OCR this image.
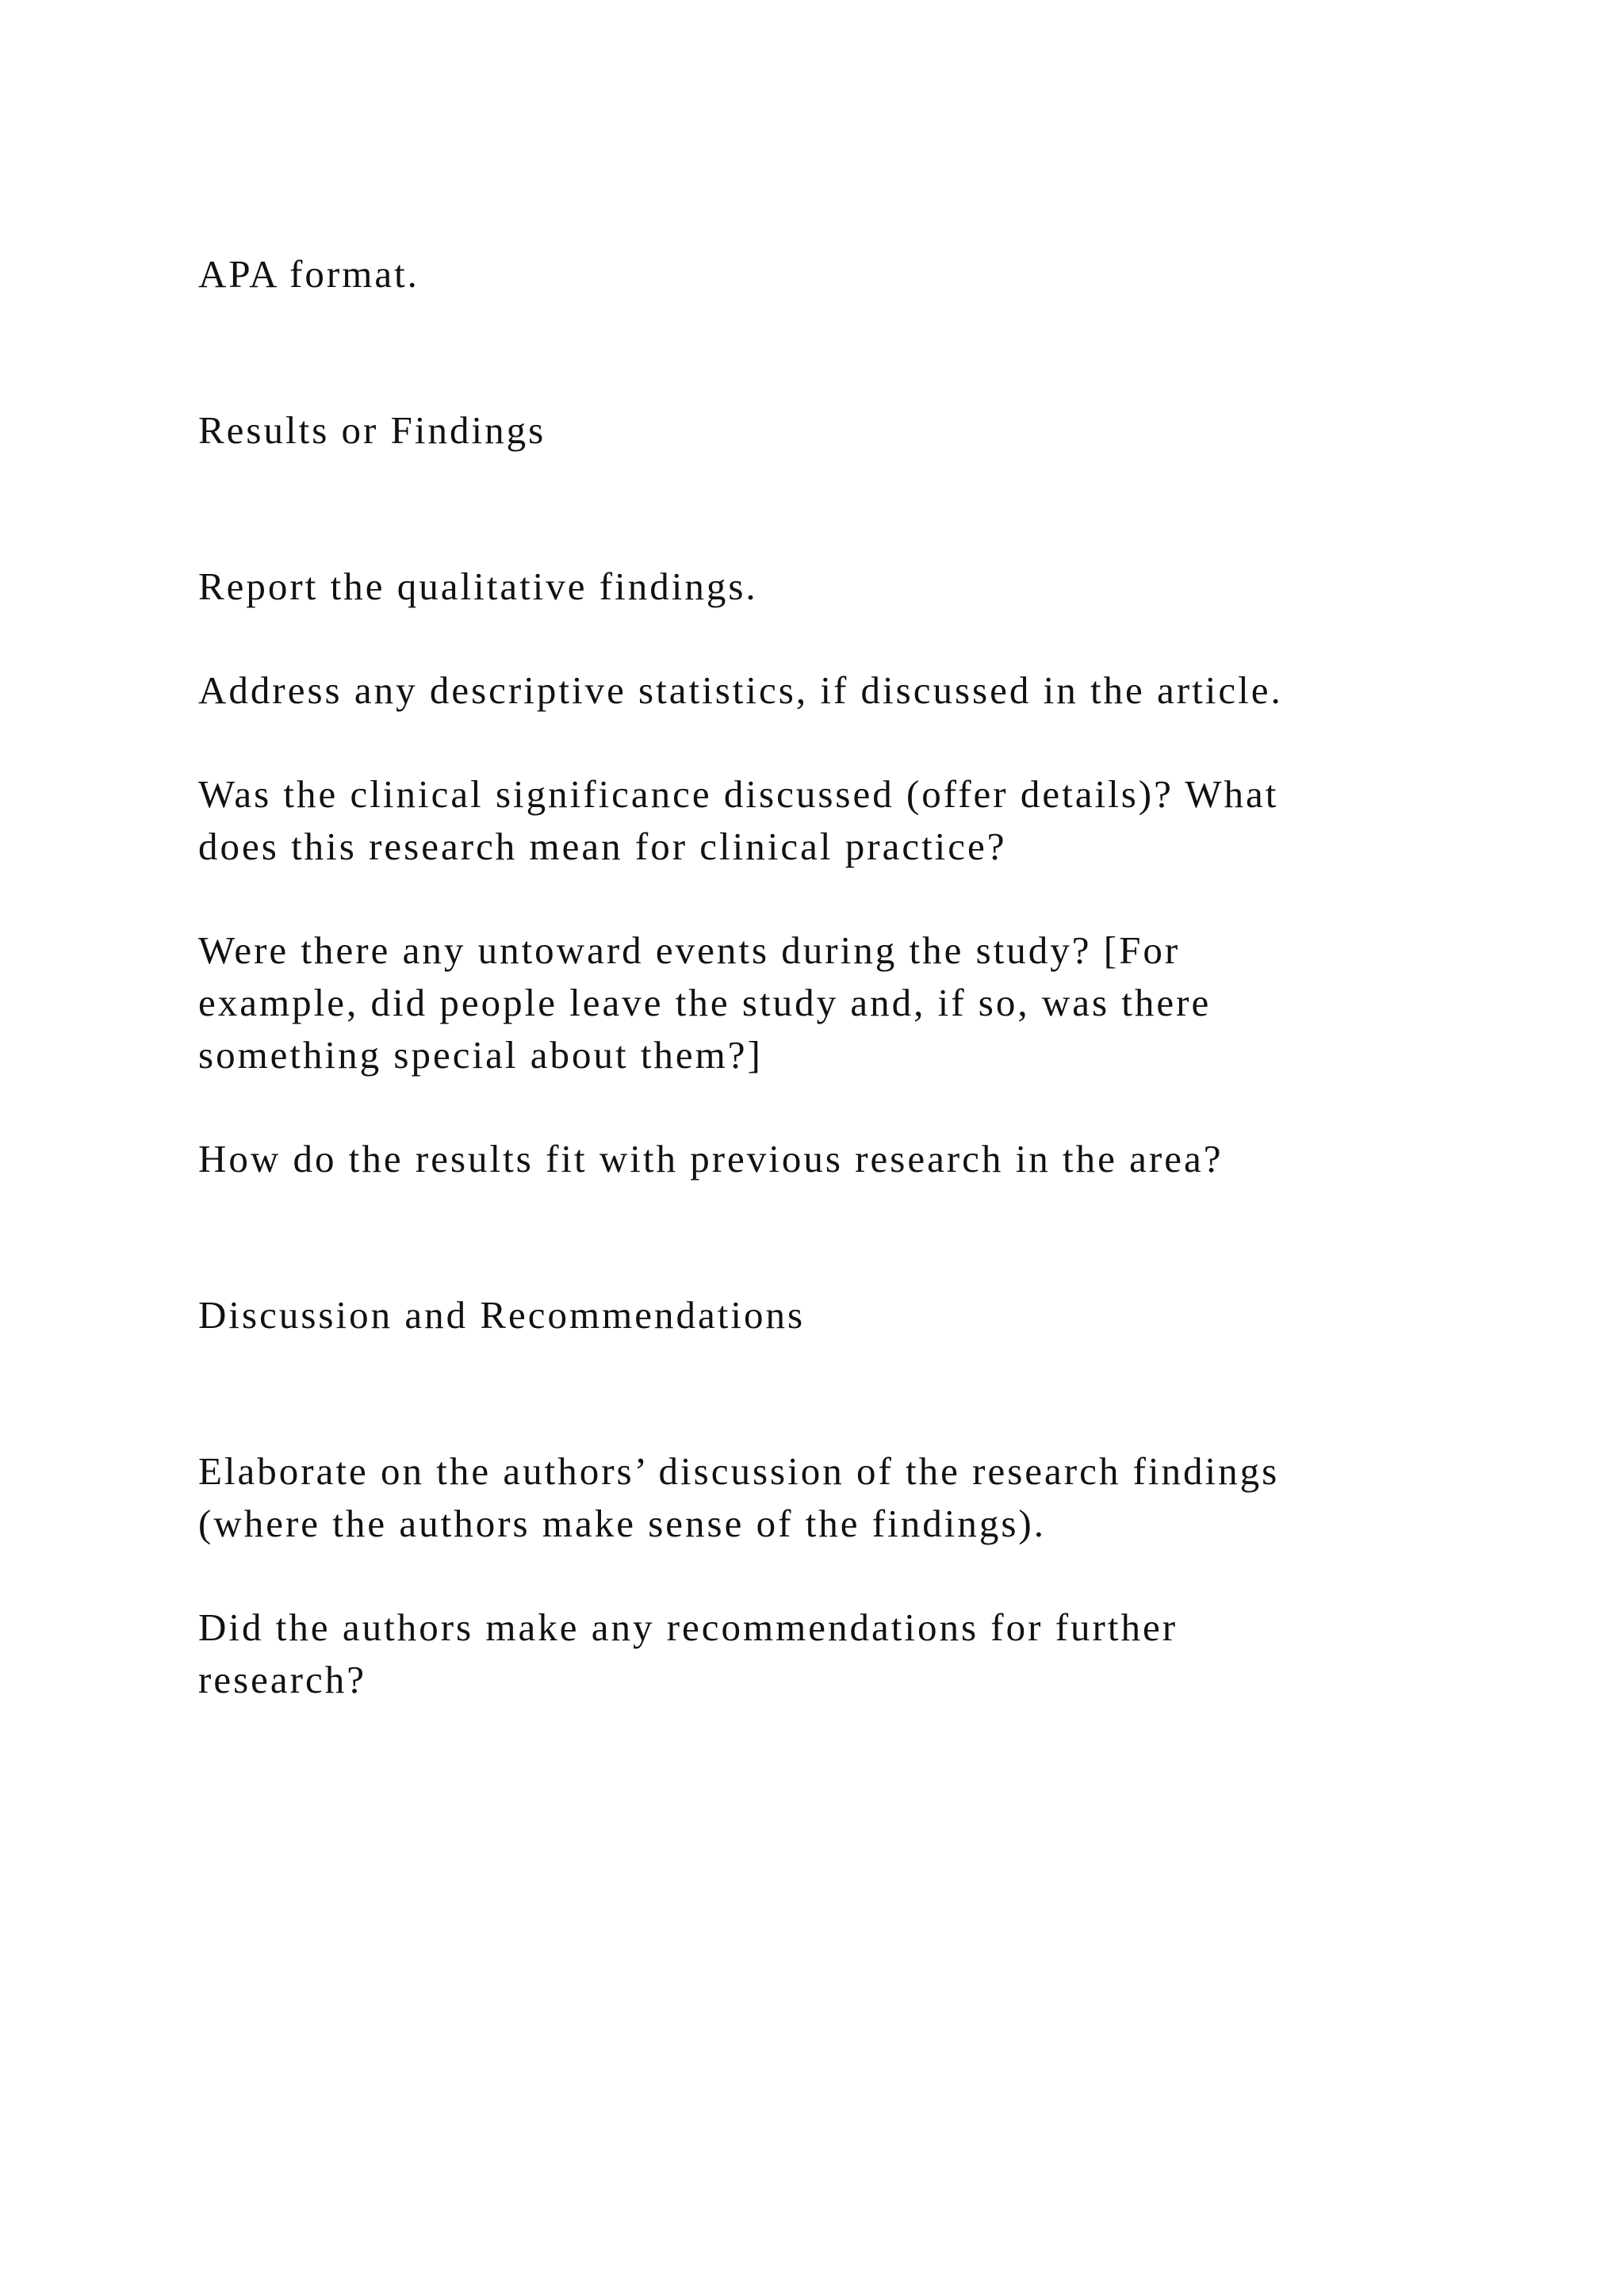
APA format.

Results or Findings

Report the qualitative findings.

Address any descriptive statistics, if discussed in the article.

Was the clinical significance discussed (offer details)? What

does this research mean for clinical practice?

Were there any untoward events during the study? [For

example, did people leave the study and, if so, was there

something special about them?]

How do the results fit with previous research in the area?

Discussion and Recommendations

Elaborate on the authors’ discussion of the research findings

(where the authors make sense of the findings).

Did the authors make any recommendations for further

research?
